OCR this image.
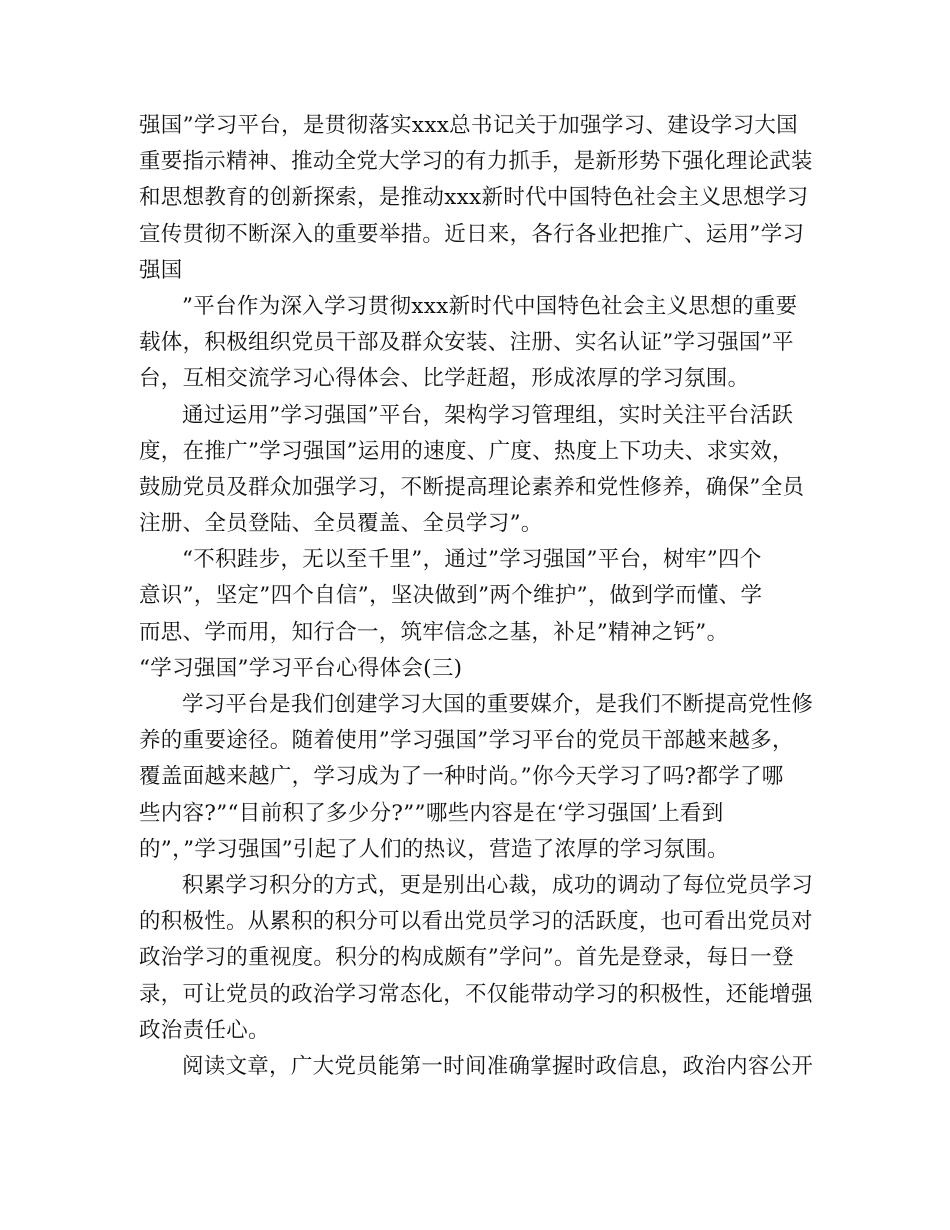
强国”学习平台，是贯彻落实xxx总书记关于加强学习、建设学习大国
重要指示精神、推动全党大学习的有力抓手，是新形势下强化理论武装
和思想教育的创新探索，是推动xxx新时代中国特色社会主义思想学习
宣传贯彻不断深入的重要举措。近日来，各行各业把推广、运用”学习
强国
”平台作为深入学习贯彻xxx新时代中国特色社会主义思想的重要
载体，积极组织党员干部及群众安装、注册、实名认证”学习强国”平
台，互相交流学习心得体会、比学赶超，形成浓厚的学习氛围。
通过运用”学习强国”平台，架构学习管理组，实时关注平台活跃
度，在推广”学习强国”运用的速度、广度、热度上下功夫、求实效，
鼓励党员及群众加强学习，不断提高理论素养和党性修养，确保”全员
注册、全员登陆、全员覆盖、全员学习”。
“不积跬步，无以至千里”，通过”学习强国”平台，树牢”四个
意识”，坚定”四个自信”，坚决做到”两个维护”，做到学而懂、学
而思、学而用，知行合一，筑牢信念之基，补足”精神之钙”。
“学习强国”学习平台心得体会(三)
学习平台是我们创建学习大国的重要媒介，是我们不断提高党性修
养的重要途径。随着使用”学习强国”学习平台的党员干部越来越多，
覆盖面越来越广，学习成为了一种时尚。”你今天学习了吗?都学了哪
些内容?”“目前积了多少分?””哪些内容是在‘学习强国’上看到
的”，”学习强国”引起了人们的热议，营造了浓厚的学习氛围。
积累学习积分的方式，更是别出心裁，成功的调动了每位党员学习
的积极性。从累积的积分可以看出党员学习的活跃度，也可看出党员对
政治学习的重视度。积分的构成颇有”学问”。首先是登录，每日一登
录，可让党员的政治学习常态化，不仅能带动学习的积极性，还能增强
政治责任心。
阅读文章，广大党员能第一时间准确掌握时政信息，政治内容公开
